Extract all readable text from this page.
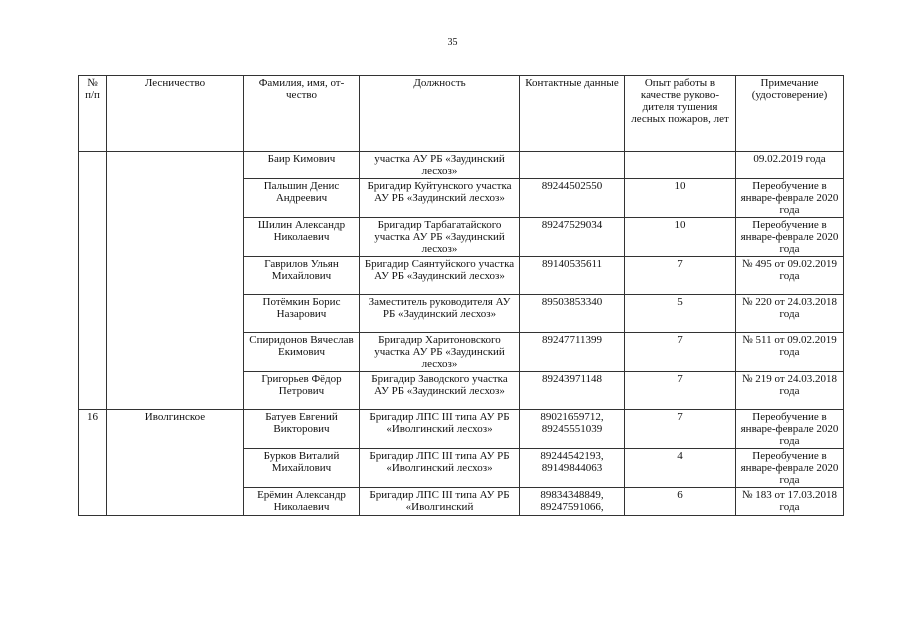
35
№ п/п	Лесничество	Фамилия, имя, отчество	Должность	Контактные данные	Опыт работы в качестве руководителя тушения лесных пожаров, лет	Примечание (удостоверение)
		Баир Кимович	участка АУ РБ «Заудинский лесхоз»			09.02.2019 года
		Пальшин Денис Андреевич	Бригадир Куйтунского участка АУ РБ «Заудинский лесхоз»	89244502550	10	Переобучение в январе-феврале 2020 года
		Шилин Александр Николаевич	Бригадир Тарбагатайского участка АУ РБ «Заудинский лесхоз»	89247529034	10	Переобучение в январе-феврале 2020 года
		Гаврилов Ульян Михайлович	Бригадир Саянтуйского участка АУ РБ «Заудинский лесхоз»	89140535611	7	№ 495 от 09.02.2019 года
		Потёмкин Борис Назарович	Заместитель руководителя АУ РБ «Заудинский лесхоз»	89503853340	5	№ 220 от 24.03.2018 года
		Спиридонов Вячеслав Екимович	Бригадир Харитоновского участка АУ РБ «Заудинский лесхоз»	89247711399	7	№ 511 от 09.02.2019 года
		Григорьев Фёдор Петрович	Бригадир Заводского участка АУ РБ «Заудинский лесхоз»	89243971148	7	№ 219 от 24.03.2018 года
16	Иволгинское	Батуев Евгений Викторович	Бригадир ЛПС III типа АУ РБ «Иволгинский лесхоз»	89021659712, 89245551039	7	Переобучение в январе-феврале 2020 года
		Бурков Виталий Михайлович	Бригадир ЛПС III типа АУ РБ «Иволгинский лесхоз»	89244542193, 89149844063	4	Переобучение в январе-феврале 2020 года
		Ерёмин Александр Николаевич	Бригадир ЛПС III типа АУ РБ «Иволгинский	89834348849, 89247591066,	6	№ 183 от 17.03.2018 года
